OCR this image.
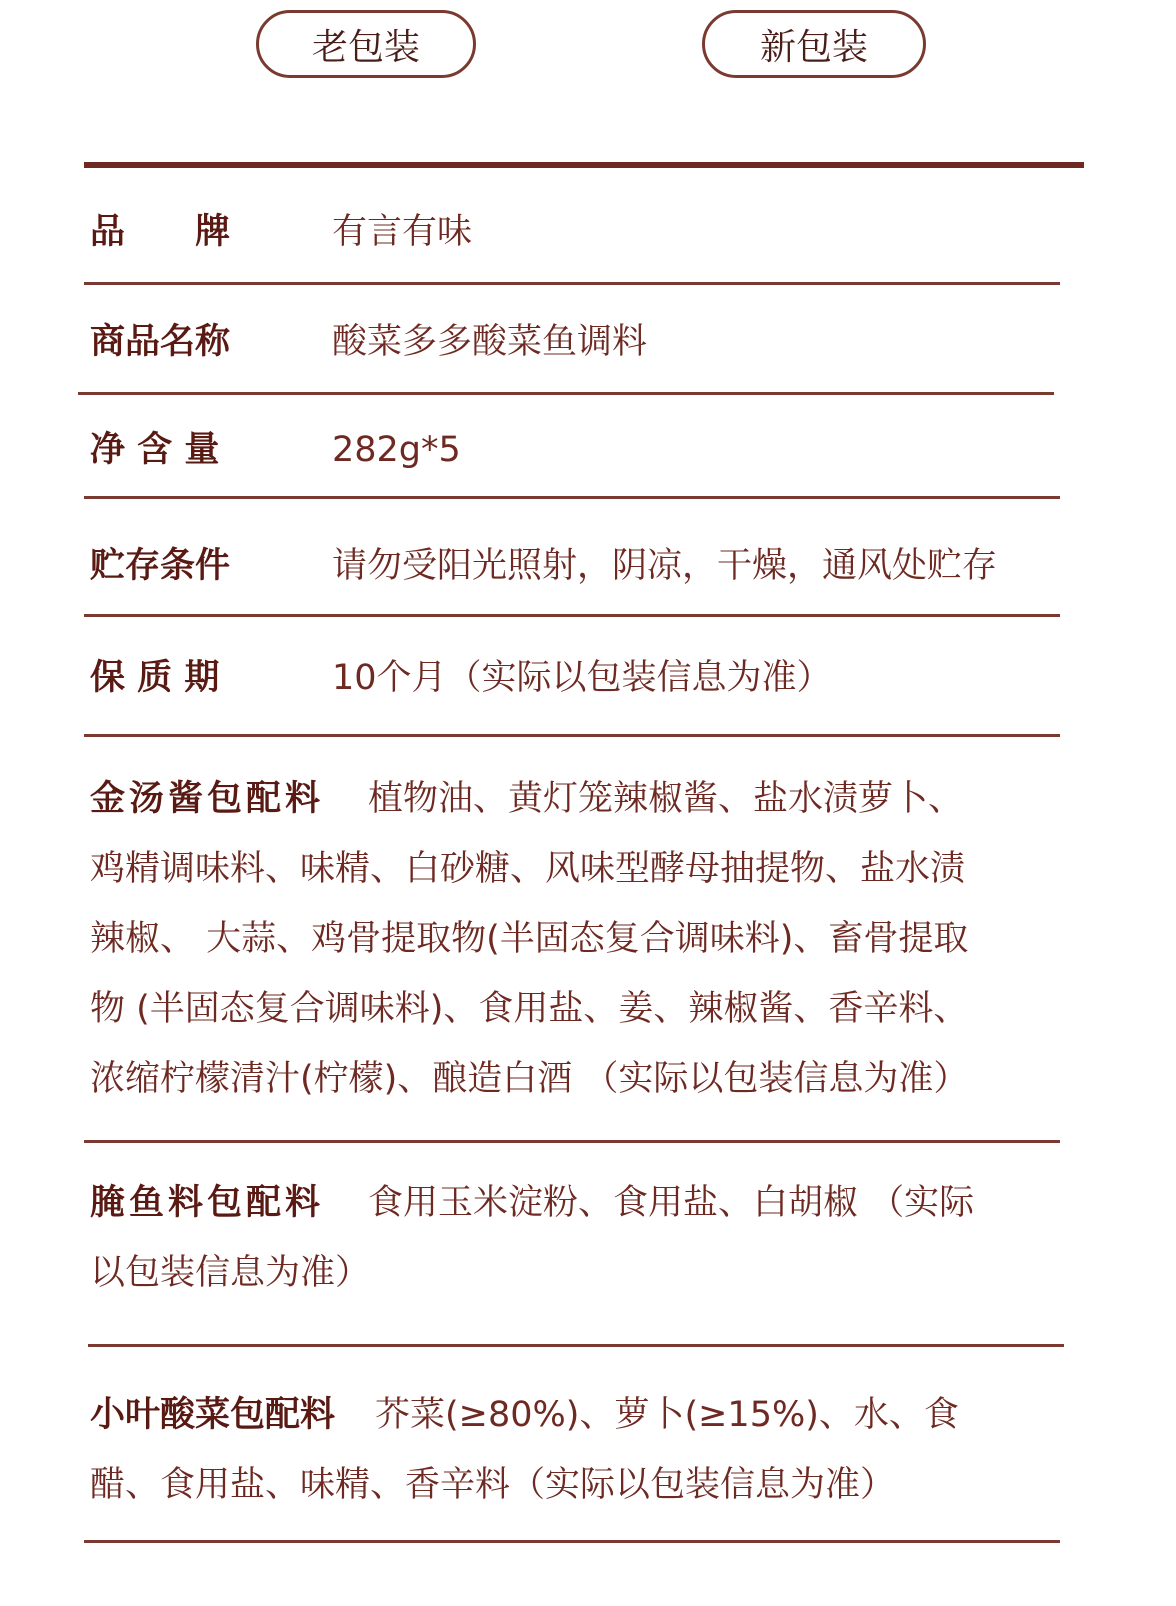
老包装	新包装
品　　牌	有言有味
商品名称	酸菜多多酸菜鱼调料
净 含 量	282g*5
贮存条件	请勿受阳光照射，阴凉，干燥，通风处贮存
保 质 期	10个月（实际以包装信息为准）
金汤酱包配料 植物油、黄灯笼辣椒酱、盐水渍萝卜、
鸡精调味料、味精、白砂糖、风味型酵母抽提物、盐水渍
辣椒、 大蒜、鸡骨提取物(半固态复合调味料)、畜骨提取
物 (半固态复合调味料)、食用盐、姜、辣椒酱、香辛料、
浓缩柠檬清汁(柠檬)、酿造白酒 （实际以包装信息为准）
腌鱼料包配料 食用玉米淀粉、食用盐、白胡椒 （实际
以包装信息为准）
小叶酸菜包配料 芥菜(≥80%)、萝卜(≥15%)、水、食
醋、食用盐、味精、香辛料（实际以包装信息为准）
